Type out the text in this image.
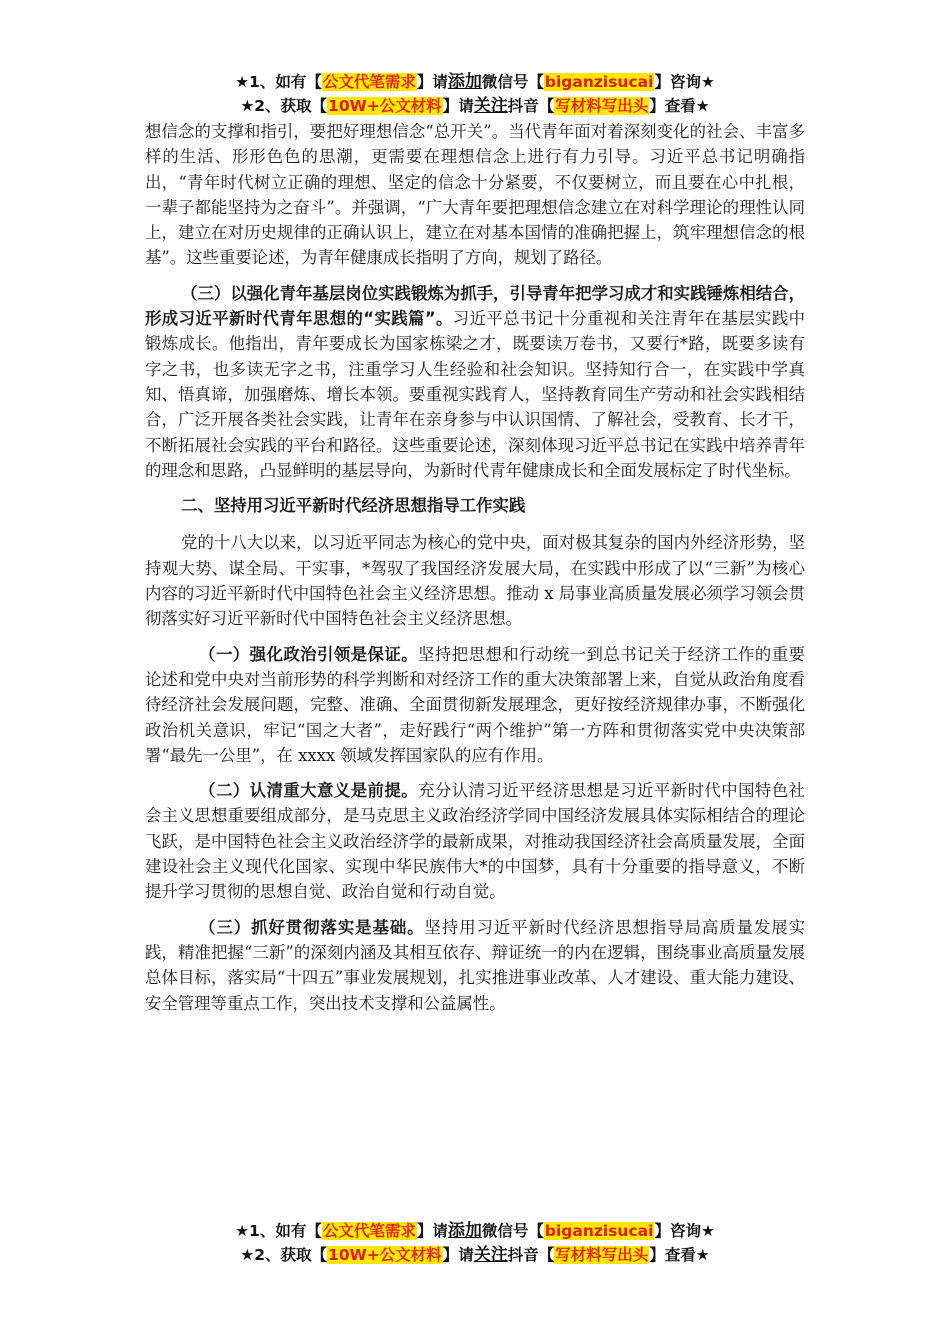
★1、如有【公文代笔需求】请添加微信号【biganzisucai】咨询★
★2、获取【10W+公文材料】请关注抖音【写材料写出头】查看★

想信念的支撑和指引，要把好理想信念“总开关”。当代青年面对着深刻变化的社会、丰富多样的生活、形形色色的思潮，更需要在理想信念上进行有力引导。习近平总书记明确指出，“青年时代树立正确的理想、坚定的信念十分紧要，不仅要树立，而且要在心中扎根，一辈子都能坚持为之奋斗”。并强调，“广大青年要把理想信念建立在对科学理论的理性认同上，建立在对历史规律的正确认识上，建立在对基本国情的准确把握上，筑牢理想信念的根基”。这些重要论述，为青年健康成长指明了方向，规划了路径。

（三）以强化青年基层岗位实践锻炼为抓手，引导青年把学习成才和实践锤炼相结合，形成习近平新时代青年思想的“实践篇”。习近平总书记十分重视和关注青年在基层实践中锻炼成长。他指出，青年要成长为国家栋梁之才，既要读万卷书，又要行*路，既要多读有字之书，也多读无字之书，注重学习人生经验和社会知识。坚持知行合一，在实践中学真知、悟真谛，加强磨炼、增长本领。要重视实践育人，坚持教育同生产劳动和社会实践相结合，广泛开展各类社会实践，让青年在亲身参与中认识国情、了解社会，受教育、长才干，不断拓展社会实践的平台和路径。这些重要论述，深刻体现习近平总书记在实践中培养青年的理念和思路，凸显鲜明的基层导向，为新时代青年健康成长和全面发展标定了时代坐标。

二、坚持用习近平新时代经济思想指导工作实践

党的十八大以来，以习近平同志为核心的党中央，面对极其复杂的国内外经济形势，坚持观大势、谋全局、干实事，*驾驭了我国经济发展大局，在实践中形成了以“三新”为核心内容的习近平新时代中国特色社会主义经济思想。推动 x 局事业高质量发展必须学习领会贯彻落实好习近平新时代中国特色社会主义经济思想。

（一）强化政治引领是保证。坚持把思想和行动统一到总书记关于经济工作的重要论述和党中央对当前形势的科学判断和对经济工作的重大决策部署上来，自觉从政治角度看待经济社会发展问题，完整、准确、全面贯彻新发展理念，更好按经济规律办事，不断强化政治机关意识，牢记“国之大者”，走好践行“两个维护”第一方阵和贯彻落实党中央决策部署“最先一公里”，在 xxxx 领域发挥国家队的应有作用。

（二）认清重大意义是前提。充分认清习近平经济思想是习近平新时代中国特色社会主义思想重要组成部分，是马克思主义政治经济学同中国经济发展具体实际相结合的理论飞跃，是中国特色社会主义政治经济学的最新成果，对推动我国经济社会高质量发展，全面建设社会主义现代化国家、实现中华民族伟大*的中国梦，具有十分重要的指导意义，不断提升学习贯彻的思想自觉、政治自觉和行动自觉。

（三）抓好贯彻落实是基础。坚持用习近平新时代经济思想指导局高质量发展实践，精准把握“三新”的深刻内涵及其相互依存、辩证统一的内在逻辑，围绕事业高质量发展总体目标，落实局“十四五”事业发展规划，扎实推进事业改革、人才建设、重大能力建设、安全管理等重点工作，突出技术支撑和公益属性。

★1、如有【公文代笔需求】请添加微信号【biganzisucai】咨询★
★2、获取【10W+公文材料】请关注抖音【写材料写出头】查看★
